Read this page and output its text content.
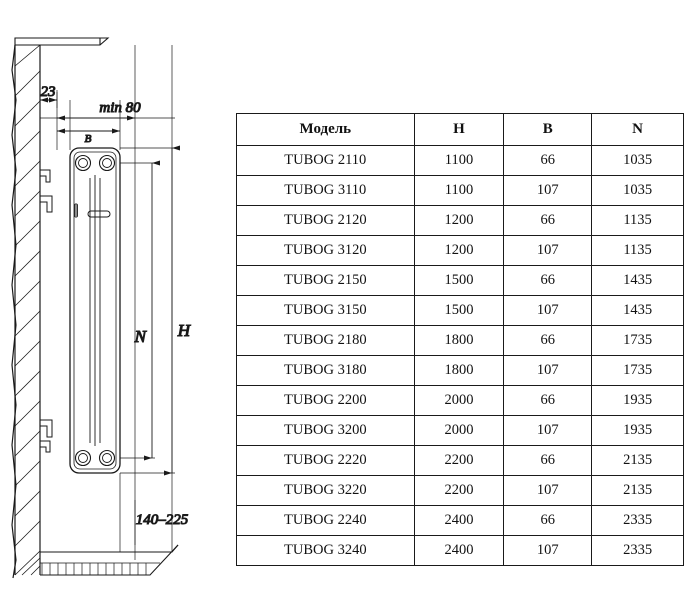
23
min 80
B
N H
140–225
Модель	H	B	N
TUBOG 2110	1100	66	1035
TUBOG 3110	1100	107	1035
TUBOG 2120	1200	66	1135
TUBOG 3120	1200	107	1135
TUBOG 2150	1500	66	1435
TUBOG 3150	1500	107	1435
TUBOG 2180	1800	66	1735
TUBOG 3180	1800	107	1735
TUBOG 2200	2000	66	1935
TUBOG 3200	2000	107	1935
TUBOG 2220	2200	66	2135
TUBOG 3220	2200	107	2135
TUBOG 2240	2400	66	2335
TUBOG 3240	2400	107	2335
